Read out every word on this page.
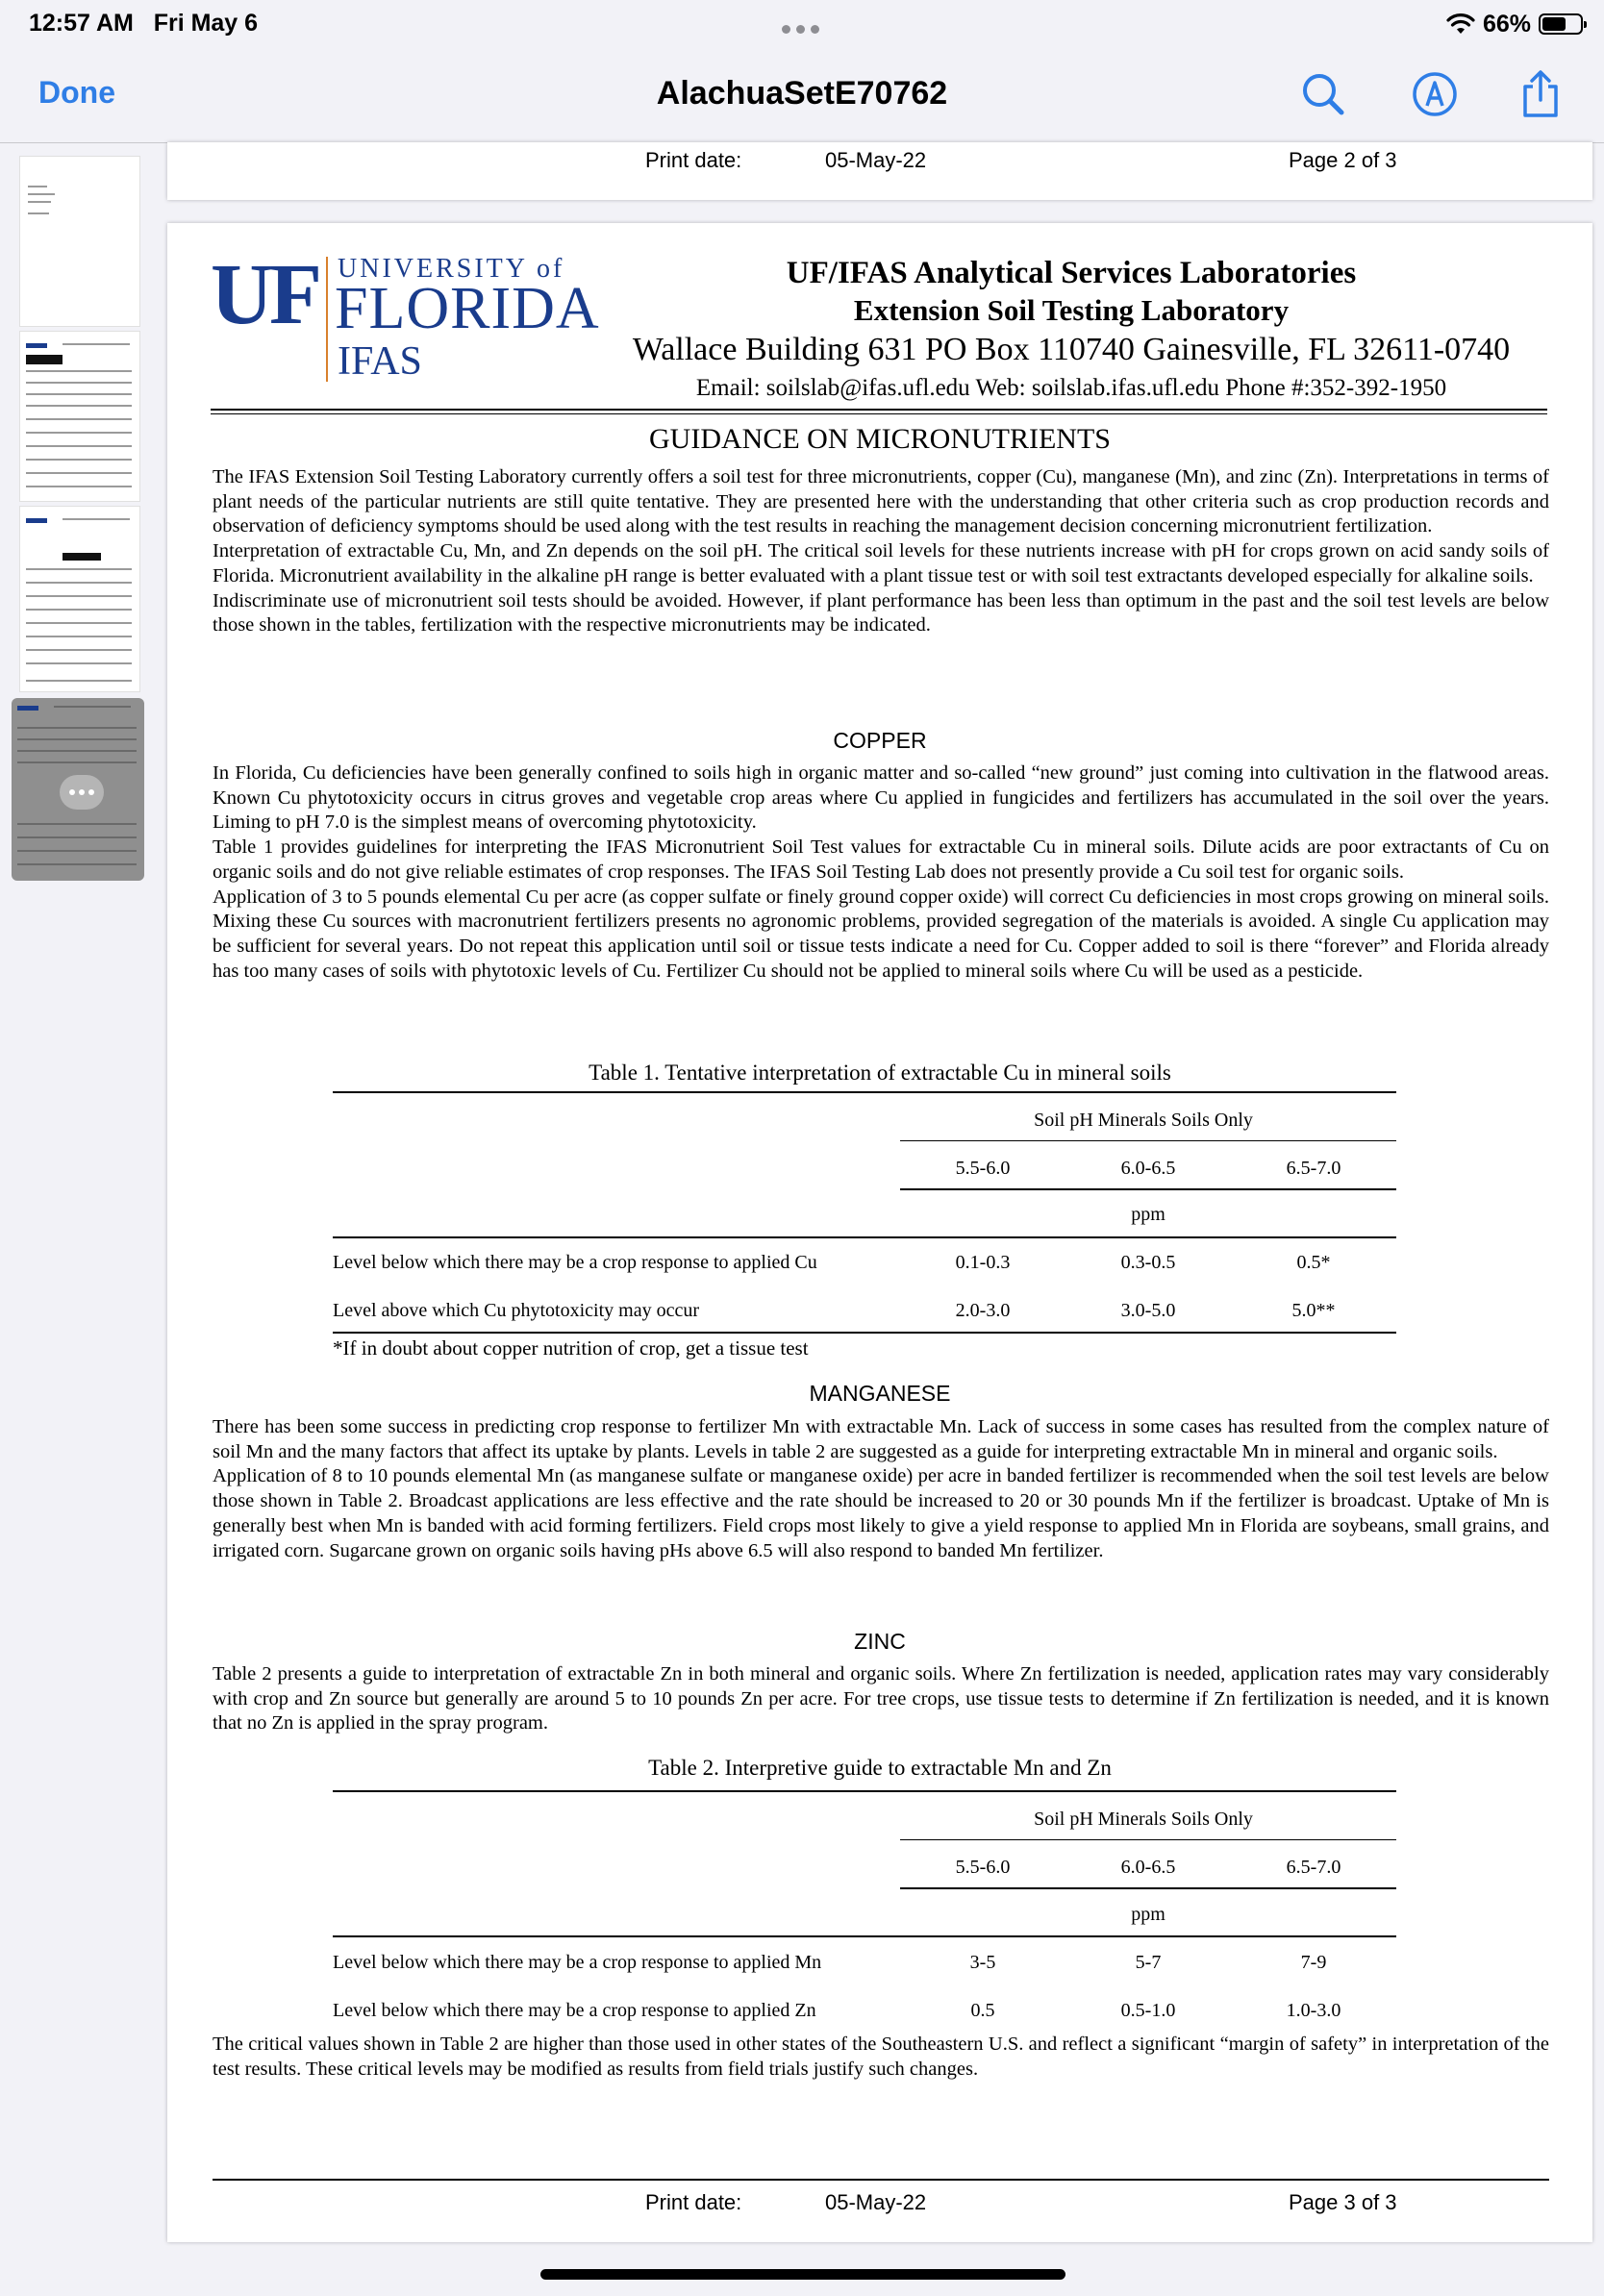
12:57 AM Fri May 6	66%
Done	AlachuaSetE70762
Print date:	05-May-22	Page 2 of 3
UF UNIVERSITY of
FLORIDA
IFAS
UF/IFAS Analytical Services Laboratories
Extension Soil Testing Laboratory
Wallace Building 631 PO Box 110740 Gainesville, FL 32611-0740
Email: soilslab@ifas.ufl.edu Web: soilslab.ifas.ufl.edu Phone #:352-392-1950
GUIDANCE ON MICRONUTRIENTS

The IFAS Extension Soil Testing Laboratory currently offers a soil test for three micronutrients, copper (Cu), manganese (Mn), and zinc (Zn). Interpretations in terms of plant needs of the particular nutrients are still quite tentative. They are presented here with the understanding that other criteria such as crop production records and observation of deficiency symptoms should be used along with the test results in reaching the management decision concerning micronutrient fertilization.

Interpretation of extractable Cu, Mn, and Zn depends on the soil pH. The critical soil levels for these nutrients increase with pH for crops grown on acid sandy soils of Florida. Micronutrient availability in the alkaline pH range is better evaluated with a plant tissue test or with soil test extractants developed especially for alkaline soils.

Indiscriminate use of micronutrient soil tests should be avoided. However, if plant performance has been less than optimum in the past and the soil test levels are below those shown in the tables, fertilization with the respective micronutrients may be indicated.

COPPER

In Florida, Cu deficiencies have been generally confined to soils high in organic matter and so-called “new ground” just coming into cultivation in the flatwood areas. Known Cu phytotoxicity occurs in citrus groves and vegetable crop areas where Cu applied in fungicides and fertilizers has accumulated in the soil over the years. Liming to pH 7.0 is the simplest means of overcoming phytotoxicity.

Table 1 provides guidelines for interpreting the IFAS Micronutrient Soil Test values for extractable Cu in mineral soils. Dilute acids are poor extractants of Cu on organic soils and do not give reliable estimates of crop responses. The IFAS Soil Testing Lab does not presently provide a Cu soil test for organic soils.

Application of 3 to 5 pounds elemental Cu per acre (as copper sulfate or finely ground copper oxide) will correct Cu deficiencies in most crops growing on mineral soils. Mixing these Cu sources with macronutrient fertilizers presents no agronomic problems, provided segregation of the materials is avoided. A single Cu application may be sufficient for several years. Do not repeat this application until soil or tissue tests indicate a need for Cu. Copper added to soil is there “forever” and Florida already has too many cases of soils with phytotoxic levels of Cu. Fertilizer Cu should not be applied to mineral soils where Cu will be used as a pesticide.

Table 1. Tentative interpretation of extractable Cu in mineral soils
Soil pH Minerals Soils Only
5.5-6.0	6.0-6.5	6.5-7.0
ppm
Level below which there may be a crop response to applied Cu	0.1-0.3	0.3-0.5	0.5*
Level above which Cu phytotoxicity may occur	2.0-3.0	3.0-5.0	5.0**
*If in doubt about copper nutrition of crop, get a tissue test
MANGANESE

There has been some success in predicting crop response to fertilizer Mn with extractable Mn. Lack of success in some cases has resulted from the complex nature of soil Mn and the many factors that affect its uptake by plants. Levels in table 2 are suggested as a guide for interpreting extractable Mn in mineral and organic soils.

Application of 8 to 10 pounds elemental Mn (as manganese sulfate or manganese oxide) per acre in banded fertilizer is recommended when the soil test levels are below those shown in Table 2. Broadcast applications are less effective and the rate should be increased to 20 or 30 pounds Mn if the fertilizer is broadcast. Uptake of Mn is generally best when Mn is banded with acid forming fertilizers. Field crops most likely to give a yield response to applied Mn in Florida are soybeans, small grains, and irrigated corn. Sugarcane grown on organic soils having pHs above 6.5 will also respond to banded Mn fertilizer.

ZINC

Table 2 presents a guide to interpretation of extractable Zn in both mineral and organic soils. Where Zn fertilization is needed, application rates may vary considerably with crop and Zn source but generally are around 5 to 10 pounds Zn per acre. For tree crops, use tissue tests to determine if Zn fertilization is needed, and it is known that no Zn is applied in the spray program.

Table 2. Interpretive guide to extractable Mn and Zn
Soil pH Minerals Soils Only
5.5-6.0	6.0-6.5	6.5-7.0
ppm
Level below which there may be a crop response to applied Mn	3-5	5-7	7-9
Level below which there may be a crop response to applied Zn	0.5	0.5-1.0	1.0-3.0

The critical values shown in Table 2 are higher than those used in other states of the Southeastern U.S. and reflect a significant “margin of safety” in interpretation of the test results. These critical levels may be modified as results from field trials justify such changes.

Print date:	05-May-22	Page 3 of 3
